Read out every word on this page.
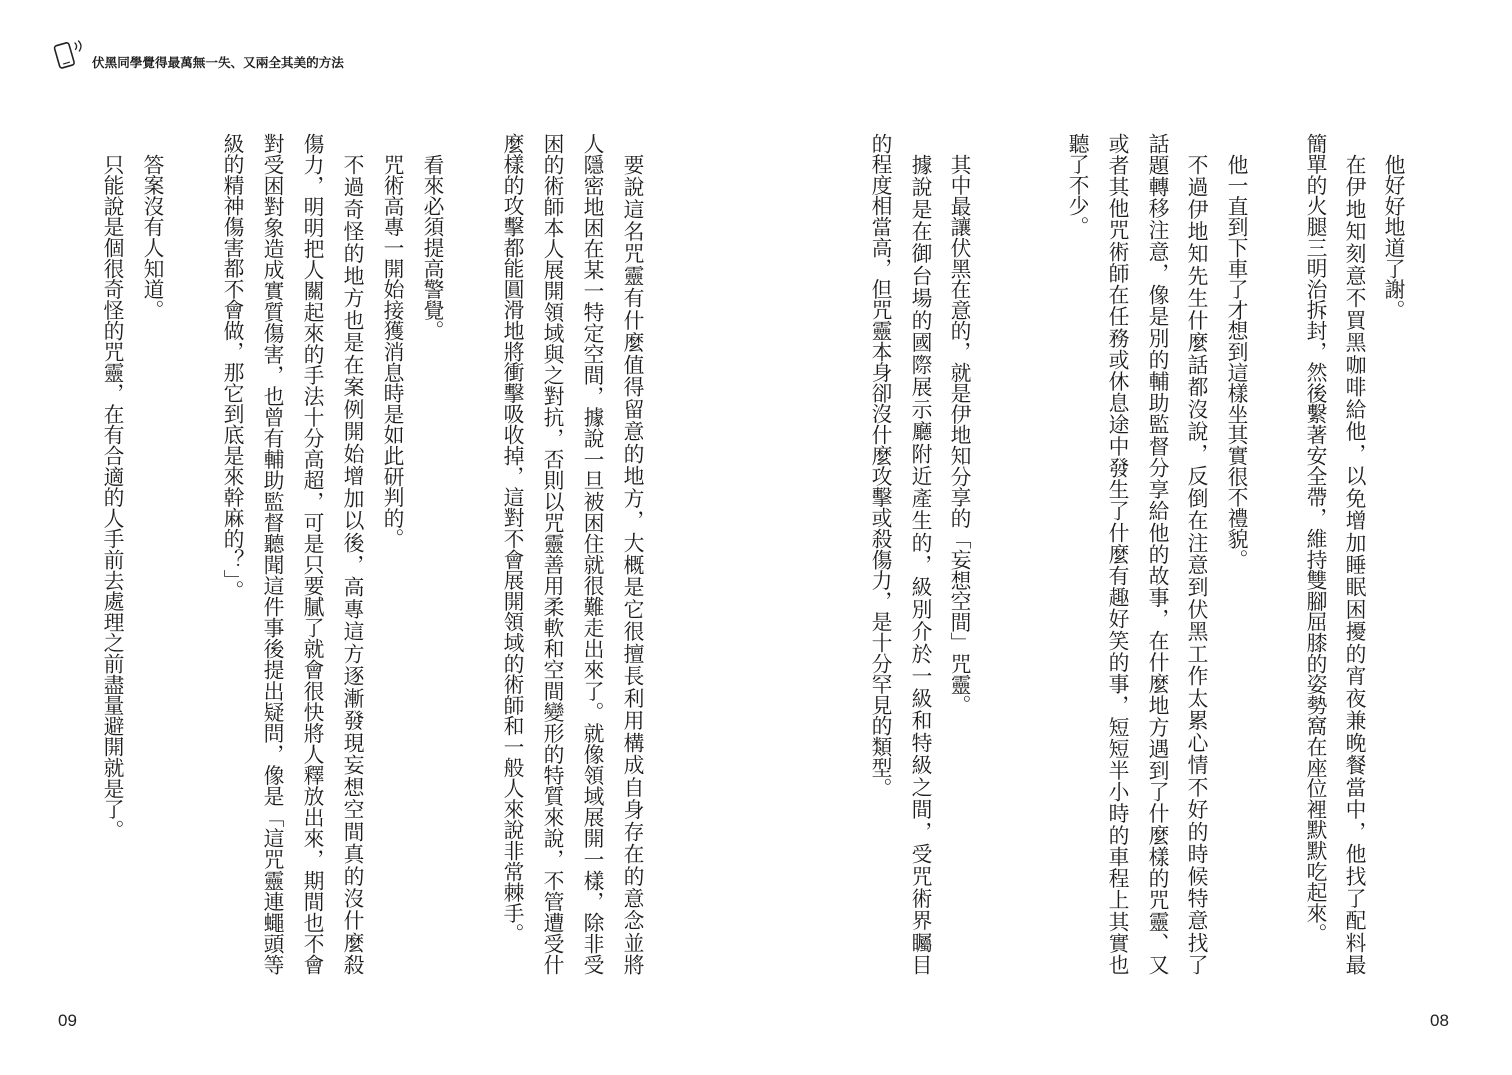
伏黑同學覺得最萬無一失、又兩全其美的方法
要說這名咒靈有什麼值得留意的地方，大概是它很擅長利用構成自身存在的意念並將
人隱密地困在某一特定空間，據說一旦被困住就很難走出來了。就像領域展開一樣，除非受
困的術師本人展開領域與之對抗，否則以咒靈善用柔軟和空間變形的特質來說，不管遭受什
麼樣的攻擊都能圓滑地將衝擊吸收掉，這對不會展開領域的術師和一般人來說非常棘手。
看來必須提高警覺。
咒術高專一開始接獲消息時是如此研判的。
不過奇怪的地方也是在案例開始增加以後，高專這方逐漸發現妄想空間真的沒什麼殺
傷力，明明把人關起來的手法十分高超，可是只要膩了就會很快將人釋放出來，期間也不會
對受困對象造成實質傷害，也曾有輔助監督聽聞這件事後提出疑問，像是「這咒靈連蠅頭等
級的精神傷害都不會做，那它到底是來幹麻的？」。
答案沒有人知道。
只能說是個很奇怪的咒靈，在有合適的人手前去處理之前盡量避開就是了。
09
他好好地道了謝。
在伊地知刻意不買黑咖啡給他，以免增加睡眠困擾的宵夜兼晚餐當中，他找了配料最
簡單的火腿三明治拆封，然後繫著安全帶，維持雙腳屈膝的姿勢窩在座位裡默默吃起來。
他一直到下車了才想到這樣坐其實很不禮貌。
不過伊地知先生什麼話都沒說，反倒在注意到伏黑工作太累心情不好的時候特意找了
話題轉移注意，像是別的輔助監督分享給他的故事，在什麼地方遇到了什麼樣的咒靈、又
或者其他咒術師在任務或休息途中發生了什麼有趣好笑的事，短短半小時的車程上其實也
聽了不少。
其中最讓伏黑在意的，就是伊地知分享的「妄想空間」咒靈。
據說是在御台場的國際展示廳附近產生的，級別介於一級和特級之間，受咒術界矚目
的程度相當高，但咒靈本身卻沒什麼攻擊或殺傷力，是十分罕見的類型。
08
